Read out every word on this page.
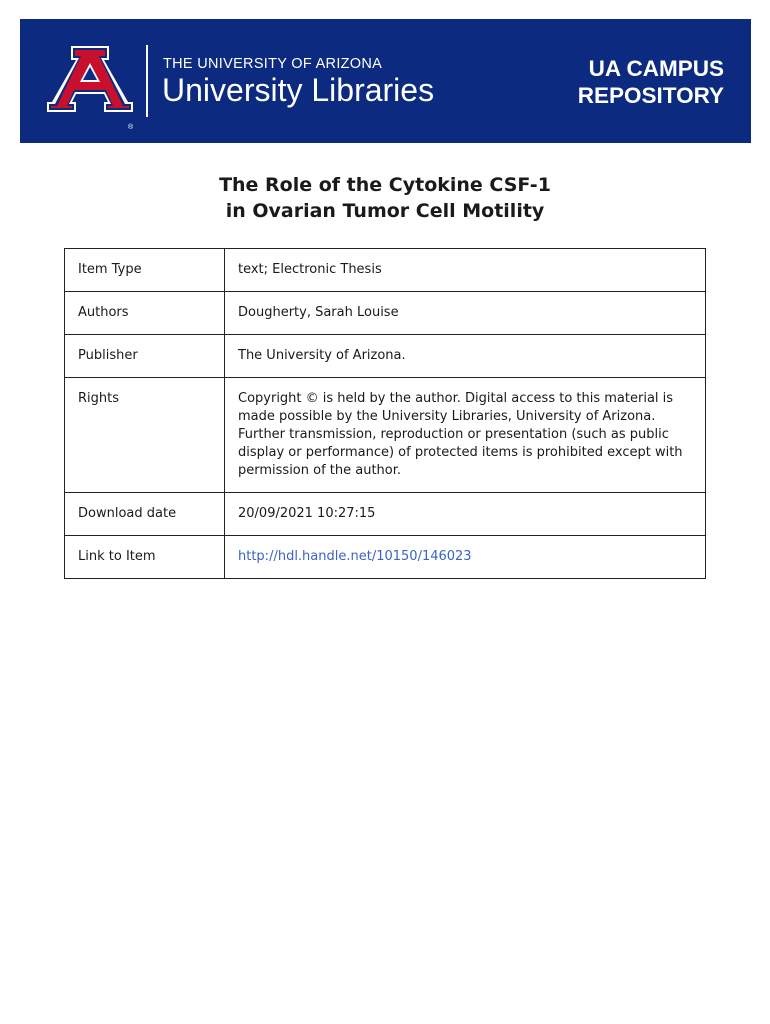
®
THE UNIVERSITY OF ARIZONA
University Libraries
UA CAMPUS
REPOSITORY
The Role of the Cytokine CSF-1
in Ovarian Tumor Cell Motility
Item Type	text; Electronic Thesis
Authors	Dougherty, Sarah Louise
Publisher	The University of Arizona.
Rights	Copyright © is held by the author. Digital access to this material is made possible by the University Libraries, University of Arizona. Further transmission, reproduction or presentation (such as public display or performance) of protected items is prohibited except with permission of the author.
Download date	20/09/2021 10:27:15
Link to Item	http://hdl.handle.net/10150/146023
